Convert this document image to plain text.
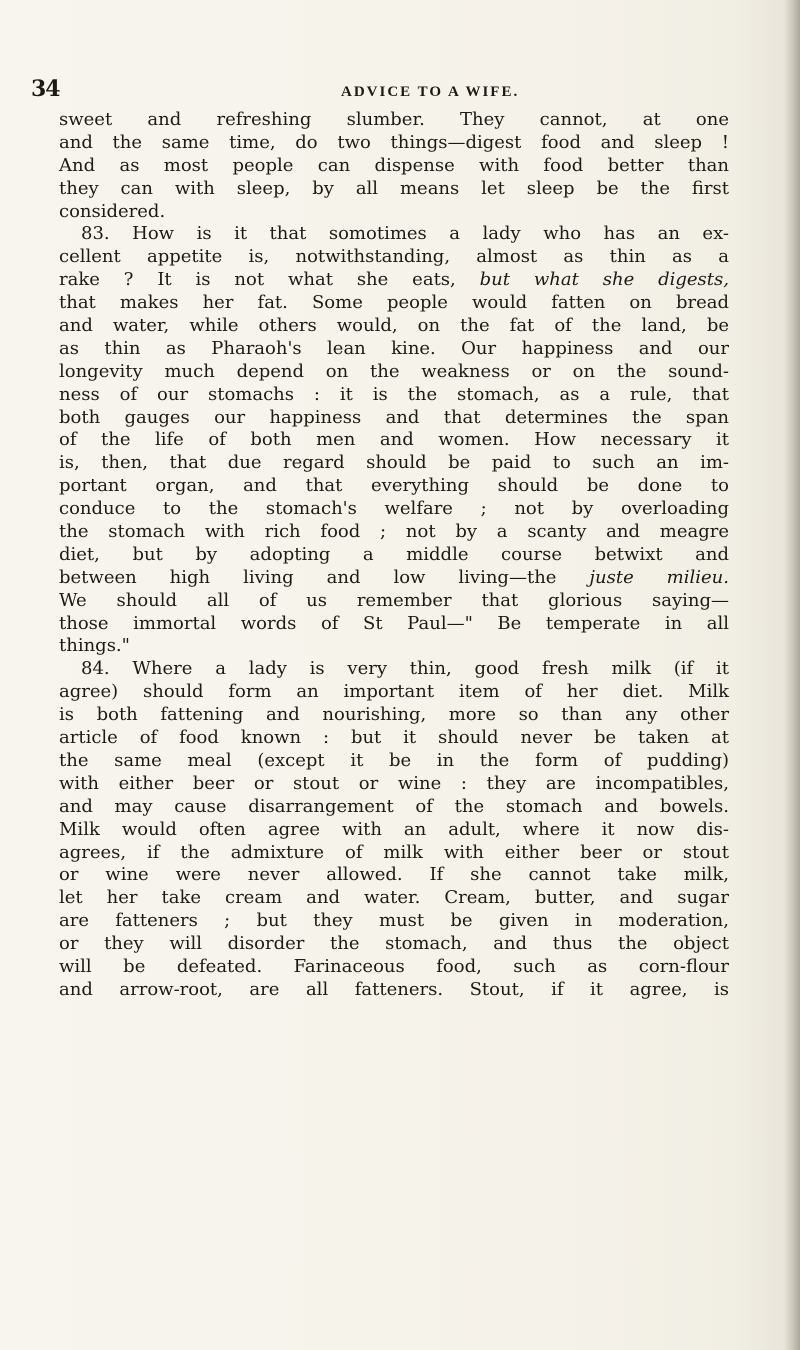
34	ADVICE TO A WIFE.
sweet and refreshing slumber. They cannot, at one
and the same time, do two things—digest food and sleep !
And as most people can dispense with food better than
they can with sleep, by all means let sleep be the first
considered.
83. How is it that somotimes a lady who has an ex-
cellent appetite is, notwithstanding, almost as thin as a
rake ? It is not what she eats, but what she digests,
that makes her fat. Some people would fatten on bread
and water, while others would, on the fat of the land, be
as thin as Pharaoh's lean kine. Our happiness and our
longevity much depend on the weakness or on the sound-
ness of our stomachs : it is the stomach, as a rule, that
both gauges our happiness and that determines the span
of the life of both men and women. How necessary it
is, then, that due regard should be paid to such an im-
portant organ, and that everything should be done to
conduce to the stomach's welfare ; not by overloading
the stomach with rich food ; not by a scanty and meagre
diet, but by adopting a middle course betwixt and
between high living and low living—the juste milieu.
We should all of us remember that glorious saying—
those immortal words of St Paul—" Be temperate in all
things."
84. Where a lady is very thin, good fresh milk (if it
agree) should form an important item of her diet. Milk
is both fattening and nourishing, more so than any other
article of food known : but it should never be taken at
the same meal (except it be in the form of pudding)
with either beer or stout or wine : they are incompatibles,
and may cause disarrangement of the stomach and bowels.
Milk would often agree with an adult, where it now dis-
agrees, if the admixture of milk with either beer or stout
or wine were never allowed. If she cannot take milk,
let her take cream and water. Cream, butter, and sugar
are fatteners ; but they must be given in moderation,
or they will disorder the stomach, and thus the object
will be defeated. Farinaceous food, such as corn-flour
and arrow-root, are all fatteners. Stout, if it agree, is
